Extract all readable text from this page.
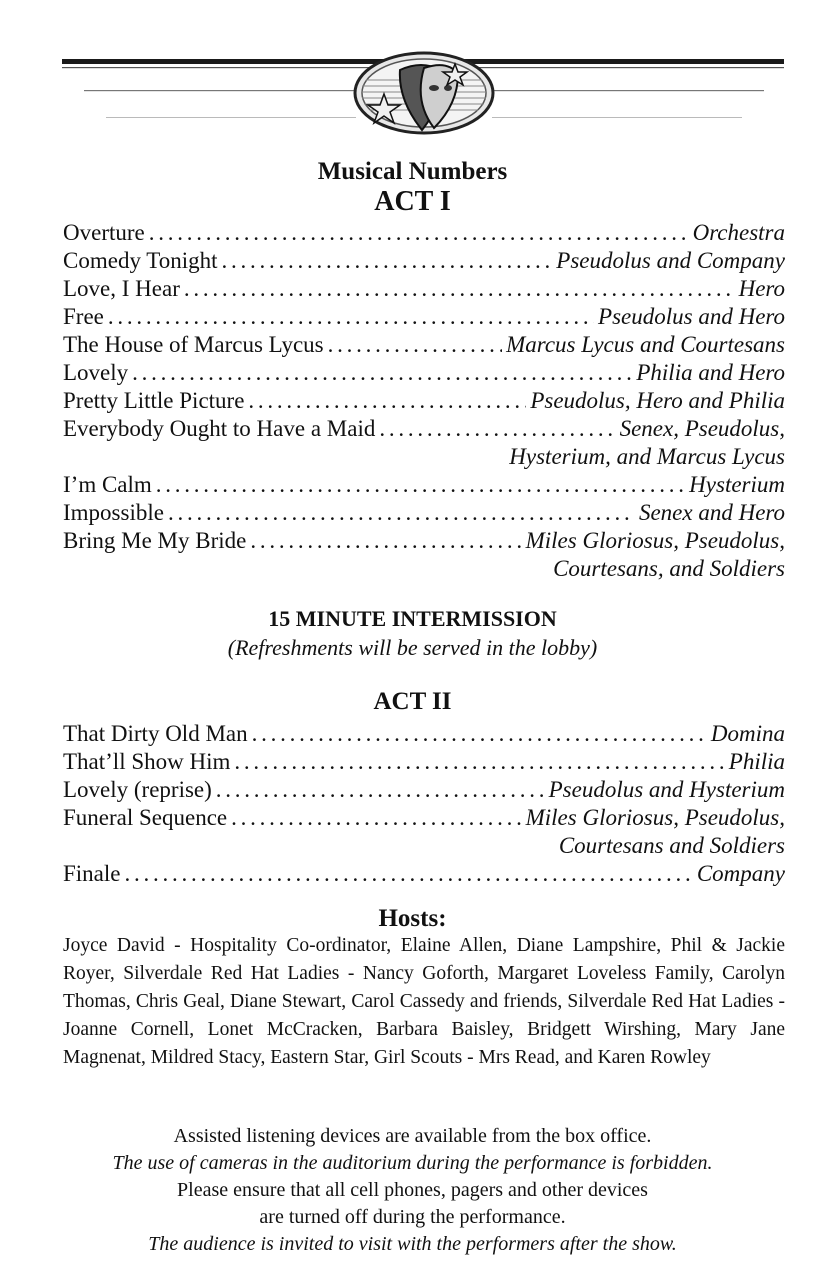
Musical Numbers
ACT I
Overture . . .	Orchestra
Comedy Tonight . . .	Pseudolus and Company
Love, I Hear . . .	Hero
Free . . .	Pseudolus and Hero
The House of Marcus Lycus . . .	Marcus Lycus and Courtesans
Lovely . . .	Philia and Hero
Pretty Little Picture . . .	Pseudolus, Hero and Philia
Everybody Ought to Have a Maid . . .	Senex, Pseudolus,
Hysterium, and Marcus Lycus
I’m Calm . . .	Hysterium
Impossible . . .	Senex and Hero
Bring Me My Bride . . .	Miles Gloriosus, Pseudolus,
Courtesans, and Soldiers
15 MINUTE INTERMISSION
(Refreshments will be served in the lobby)
ACT II
That Dirty Old Man . . .	Domina
That’ll Show Him . . .	Philia
Lovely (reprise) . . .	Pseudolus and Hysterium
Funeral Sequence . . .	Miles Gloriosus, Pseudolus,
Courtesans and Soldiers
Finale . . .	Company
Hosts:
Joyce David - Hospitality Co-ordinator, Elaine Allen, Diane Lampshire, Phil & Jackie Royer, Silverdale Red Hat Ladies - Nancy Goforth, Margaret Loveless Family, Carolyn Thomas, Chris Geal, Diane Stewart, Carol Cassedy and friends, Silverdale Red Hat Ladies - Joanne Cornell, Lonet McCracken, Barbara Baisley, Bridgett Wirshing, Mary Jane Magnenat, Mildred Stacy, Eastern Star, Girl Scouts - Mrs Read, and Karen Rowley
Assisted listening devices are available from the box office.
The use of cameras in the auditorium during the performance is forbidden.
Please ensure that all cell phones, pagers and other devices
are turned off during the performance.
The audience is invited to visit with the performers after the show.
